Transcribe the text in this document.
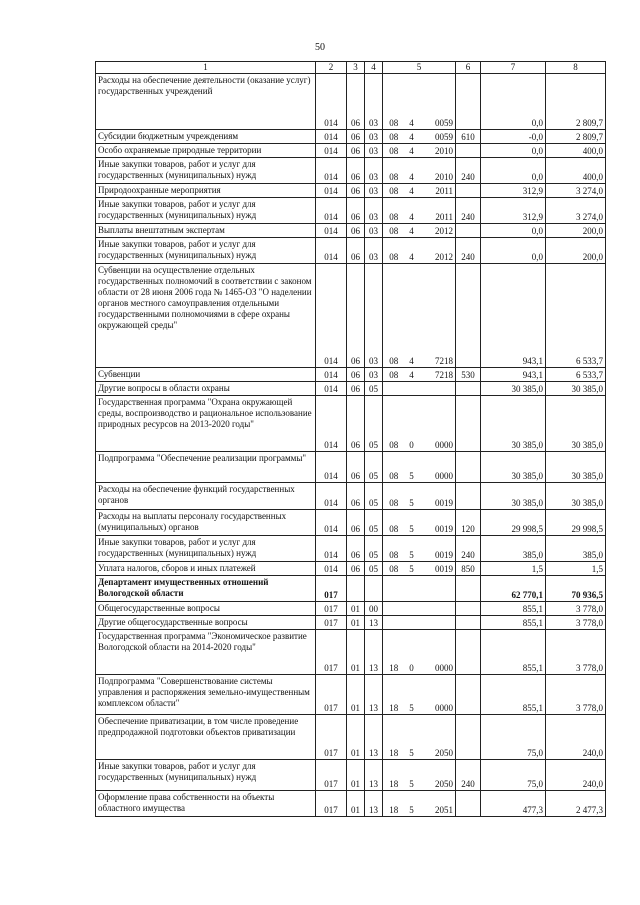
50
1	2	3	4	5			6	7	8
Расходы на обеспечение деятельности (оказание услуг) государственных учреждений	014	06	03	08	4	0059		0,0	2 809,7
Субсидии бюджетным учреждениям	014	06	03	08	4	0059	610	-0,0	2 809,7
Особо охраняемые природные территории	014	06	03	08	4	2010		0,0	400,0
Иные закупки товаров, работ и услуг для государственных (муниципальных) нужд	014	06	03	08	4	2010	240	0,0	400,0
Природоохранные мероприятия	014	06	03	08	4	2011		312,9	3 274,0
Иные закупки товаров, работ и услуг для государственных (муниципальных) нужд	014	06	03	08	4	2011	240	312,9	3 274,0
Выплаты внештатным экспертам	014	06	03	08	4	2012		0,0	200,0
Иные закупки товаров, работ и услуг для государственных (муниципальных) нужд	014	06	03	08	4	2012	240	0,0	200,0
Субвенции на осуществление отдельных государственных полномочий в соответствии с законом области от 28 июня 2006 года № 1465-ОЗ "О наделении органов местного самоуправления отдельными государственными полномочиями в сфере охраны окружающей среды"	014	06	03	08	4	7218		943,1	6 533,7
Субвенции	014	06	03	08	4	7218	530	943,1	6 533,7
Другие вопросы в области охраны	014	06	05					30 385,0	30 385,0
Государственная программа "Охрана окружающей среды, воспроизводство и рациональное использование природных ресурсов на 2013-2020 годы"	014	06	05	08	0	0000		30 385,0	30 385,0
Подпрограмма "Обеспечение реализации программы"	014	06	05	08	5	0000		30 385,0	30 385,0
Расходы на обеспечение функций государственных органов	014	06	05	08	5	0019		30 385,0	30 385,0
Расходы на выплаты персоналу государственных (муниципальных) органов	014	06	05	08	5	0019	120	29 998,5	29 998,5
Иные закупки товаров, работ и услуг для государственных (муниципальных) нужд	014	06	05	08	5	0019	240	385,0	385,0
Уплата налогов, сборов и иных платежей	014	06	05	08	5	0019	850	1,5	1,5
Департамент имущественных отношений Вологодской области	017							62 770,1	70 936,5
Общегосударственные вопросы	017	01	00					855,1	3 778,0
Другие общегосударственные вопросы	017	01	13					855,1	3 778,0
Государственная программа "Экономическое развитие Вологодской области на 2014-2020 годы"	017	01	13	18	0	0000		855,1	3 778,0
Подпрограмма "Совершенствование системы управления и распоряжения земельно-имущественным комплексом области"	017	01	13	18	5	0000		855,1	3 778,0
Обеспечение приватизации, в том числе проведение предпродажной подготовки объектов приватизации	017	01	13	18	5	2050		75,0	240,0
Иные закупки товаров, работ и услуг для государственных (муниципальных) нужд	017	01	13	18	5	2050	240	75,0	240,0
Оформление права собственности на объекты областного имущества	017	01	13	18	5	2051		477,3	2 477,3
